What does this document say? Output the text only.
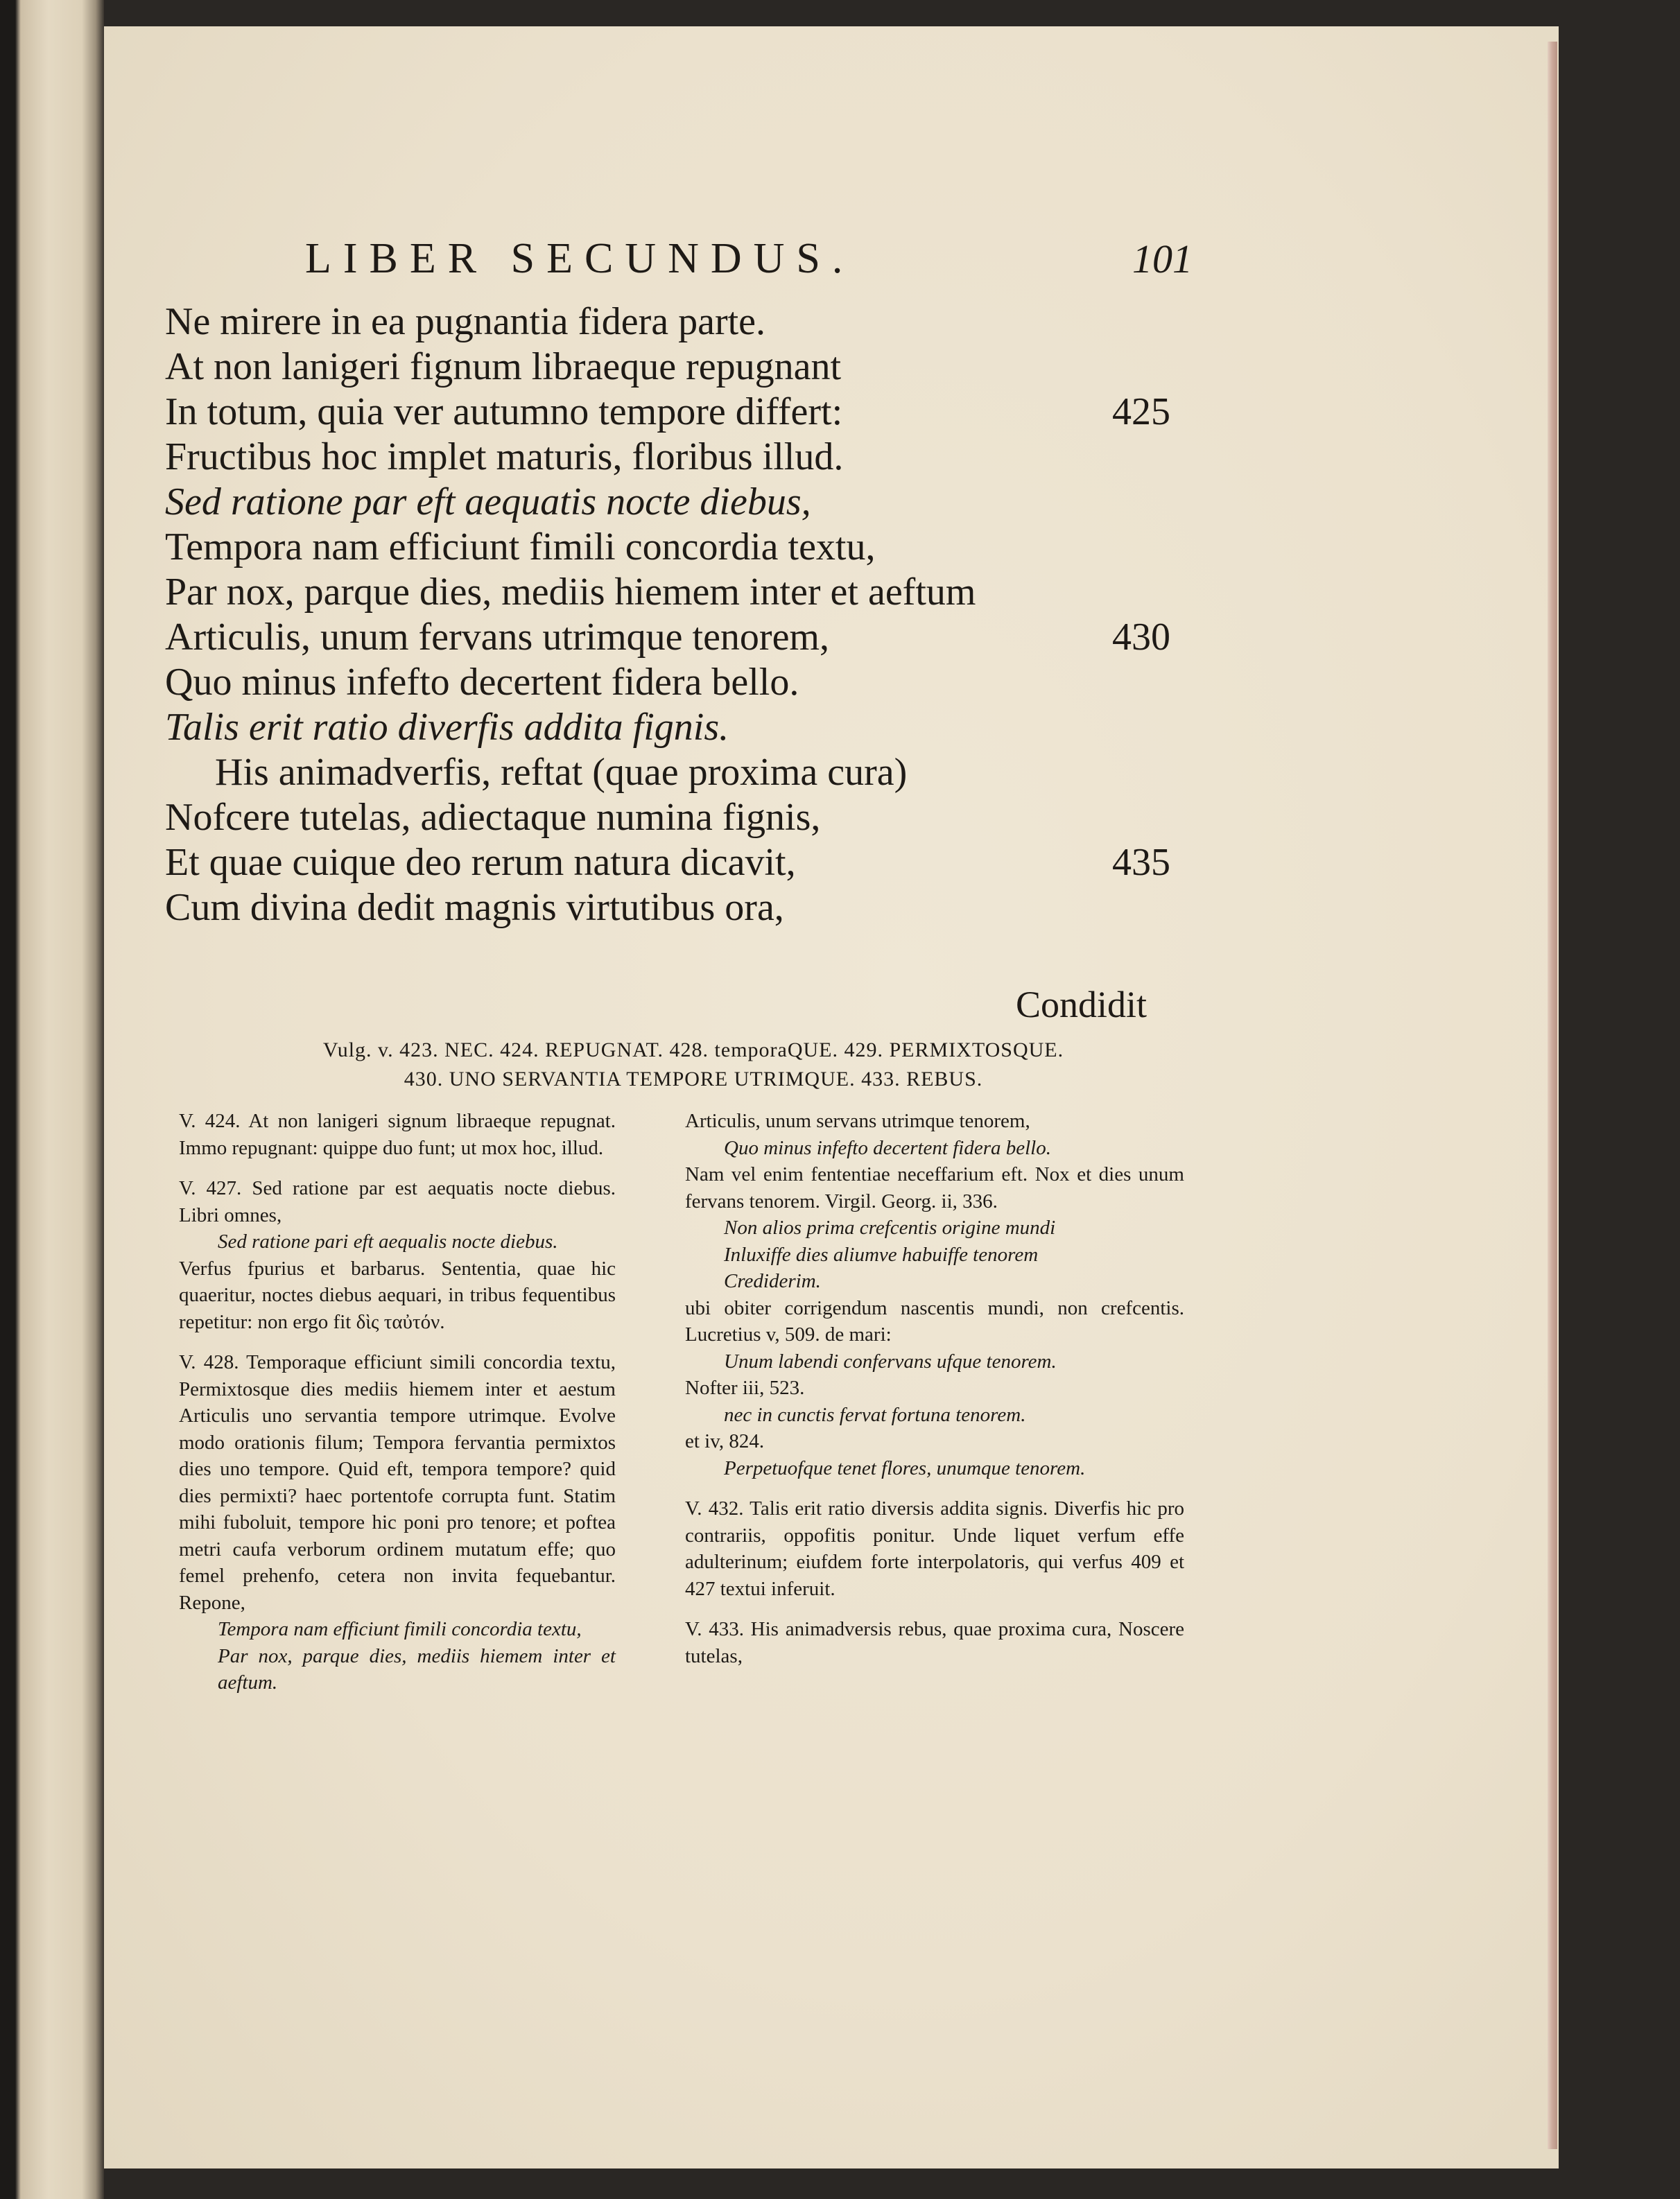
LIBER SECUNDUS.	101
Ne mirere in ea pugnantia fidera parte.
At non lanigeri fignum libraeque repugnant
In totum, quia ver autumno tempore differt:	425
Fructibus hoc implet maturis, floribus illud.
Sed ratione par eft aequatis nocte diebus,
Tempora nam efficiunt fimili concordia textu,
Par nox, parque dies, mediis hiemem inter et aeftum
Articulis, unum fervans utrimque tenorem,	430
Quo minus infefto decertent fidera bello.
Talis erit ratio diverfis addita fignis.
His animadverfis, reftat (quae proxima cura)
Nofcere tutelas, adiectaque numina fignis,
Et quae cuique deo rerum natura dicavit,	435
Cum divina dedit magnis virtutibus ora,
Condidit
Vulg. v. 423. NEC. 424. REPUGNAT. 428. temporaQUE. 429. PERMIXTOSQUE.
430. UNO SERVANTIA TEMPORE UTRIMQUE. 433. REBUS.

V. 424. At non lanigeri signum libraeque repugnat. Immo repugnant: quippe duo funt; ut mox hoc, illud.

V. 427. Sed ratione par est aequatis nocte diebus. Libri omnes,

Sed ratione pari eft aequalis nocte diebus.

Verfus fpurius et barbarus. Sententia, quae hic quaeritur, noctes diebus aequari, in tribus fequentibus repetitur: non ergo fit δὶς ταὐτόν.

V. 428. Temporaque efficiunt simili concordia textu, Permixtosque dies mediis hiemem inter et aestum Articulis uno servantia tempore utrimque. Evolve modo orationis filum; Tempora fervantia permixtos dies uno tempore. Quid eft, tempora tempore? quid dies permixti? haec portentofe corrupta funt. Statim mihi fuboluit, tempore hic poni pro tenore; et poftea metri caufa verborum ordinem mutatum effe; quo femel prehenfo, cetera non invita fequebantur. Repone,

Tempora nam efficiunt fimili concordia textu,

Par nox, parque dies, mediis hiemem inter et aeftum.

Articulis, unum servans utrimque tenorem,

Quo minus infefto decertent fidera bello.

Nam vel enim fententiae neceffarium eft. Nox et dies unum fervans tenorem. Virgil. Georg. ii, 336.

Non alios prima crefcentis origine mundi

Inluxiffe dies aliumve habuiffe tenorem

Crediderim.

ubi obiter corrigendum nascentis mundi, non crefcentis. Lucretius v, 509. de mari:

Unum labendi confervans ufque tenorem.

Nofter iii, 523.

nec in cunctis fervat fortuna tenorem.

et iv, 824.

Perpetuofque tenet flores, unumque tenorem.

V. 432. Talis erit ratio diversis addita signis. Diverfis hic pro contrariis, oppofitis ponitur. Unde liquet verfum effe adulterinum; eiufdem forte interpolatoris, qui verfus 409 et 427 textui inferuit.

V. 433. His animadversis rebus, quae proxima cura, Noscere tutelas,
